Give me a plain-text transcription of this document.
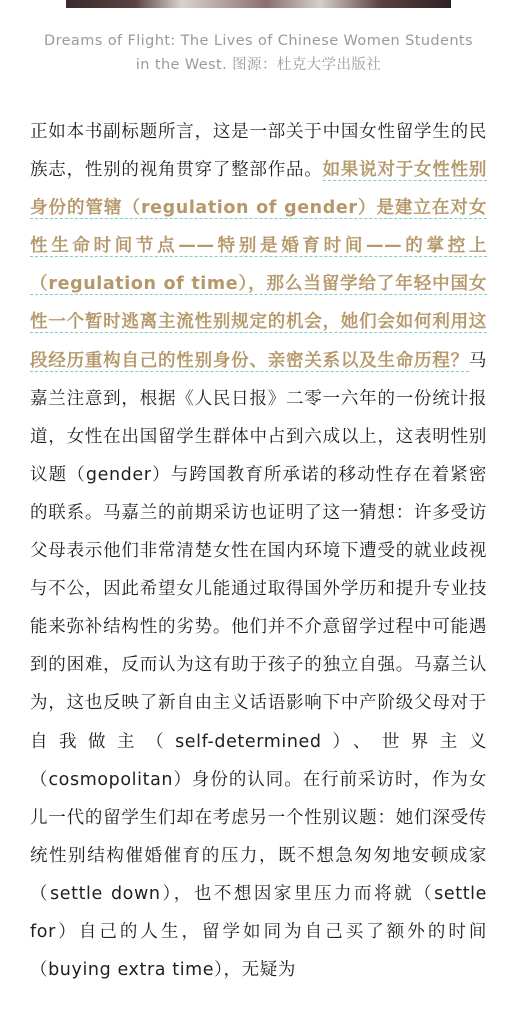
Dreams of Flight: The Lives of Chinese Women Students
in the West. 图源：杜克大学出版社

正如本书副标题所言，这是一部关于中国女性留学生的民族志，性别的视角贯穿了整部作品。如果说对于女性性别身份的管辖（regulation of gender）是建立在对女性生命时间节点——特别是婚育时间——的掌控上（regulation of time），那么当留学给了年轻中国女性一个暂时逃离主流性别规定的机会，她们会如何利用这段经历重构自己的性别身份、亲密关系以及生命历程？马嘉兰注意到，根据《人民日报》二零一六年的一份统计报道，女性在出国留学生群体中占到六成以上，这表明性别议题（gender）与跨国教育所承诺的移动性存在着紧密的联系。马嘉兰的前期采访也证明了这一猜想：许多受访父母表示他们非常清楚女性在国内环境下遭受的就业歧视与不公，因此希望女儿能通过取得国外学历和提升专业技能来弥补结构性的劣势。他们并不介意留学过程中可能遇到的困难，反而认为这有助于孩子的独立自强。马嘉兰认为，这也反映了新自由主义话语影响下中产阶级父母对于自我做主（self-determined）、世界主义（cosmopolitan）身份的认同。在行前采访时，作为女儿一代的留学生们却在考虑另一个性别议题：她们深受传统性别结构催婚催育的压力，既不想急匆匆地安顿成家（settle down），也不想因家里压力而将就（settle for）自己的人生，留学如同为自己买了额外的时间（buying extra time），无疑为
